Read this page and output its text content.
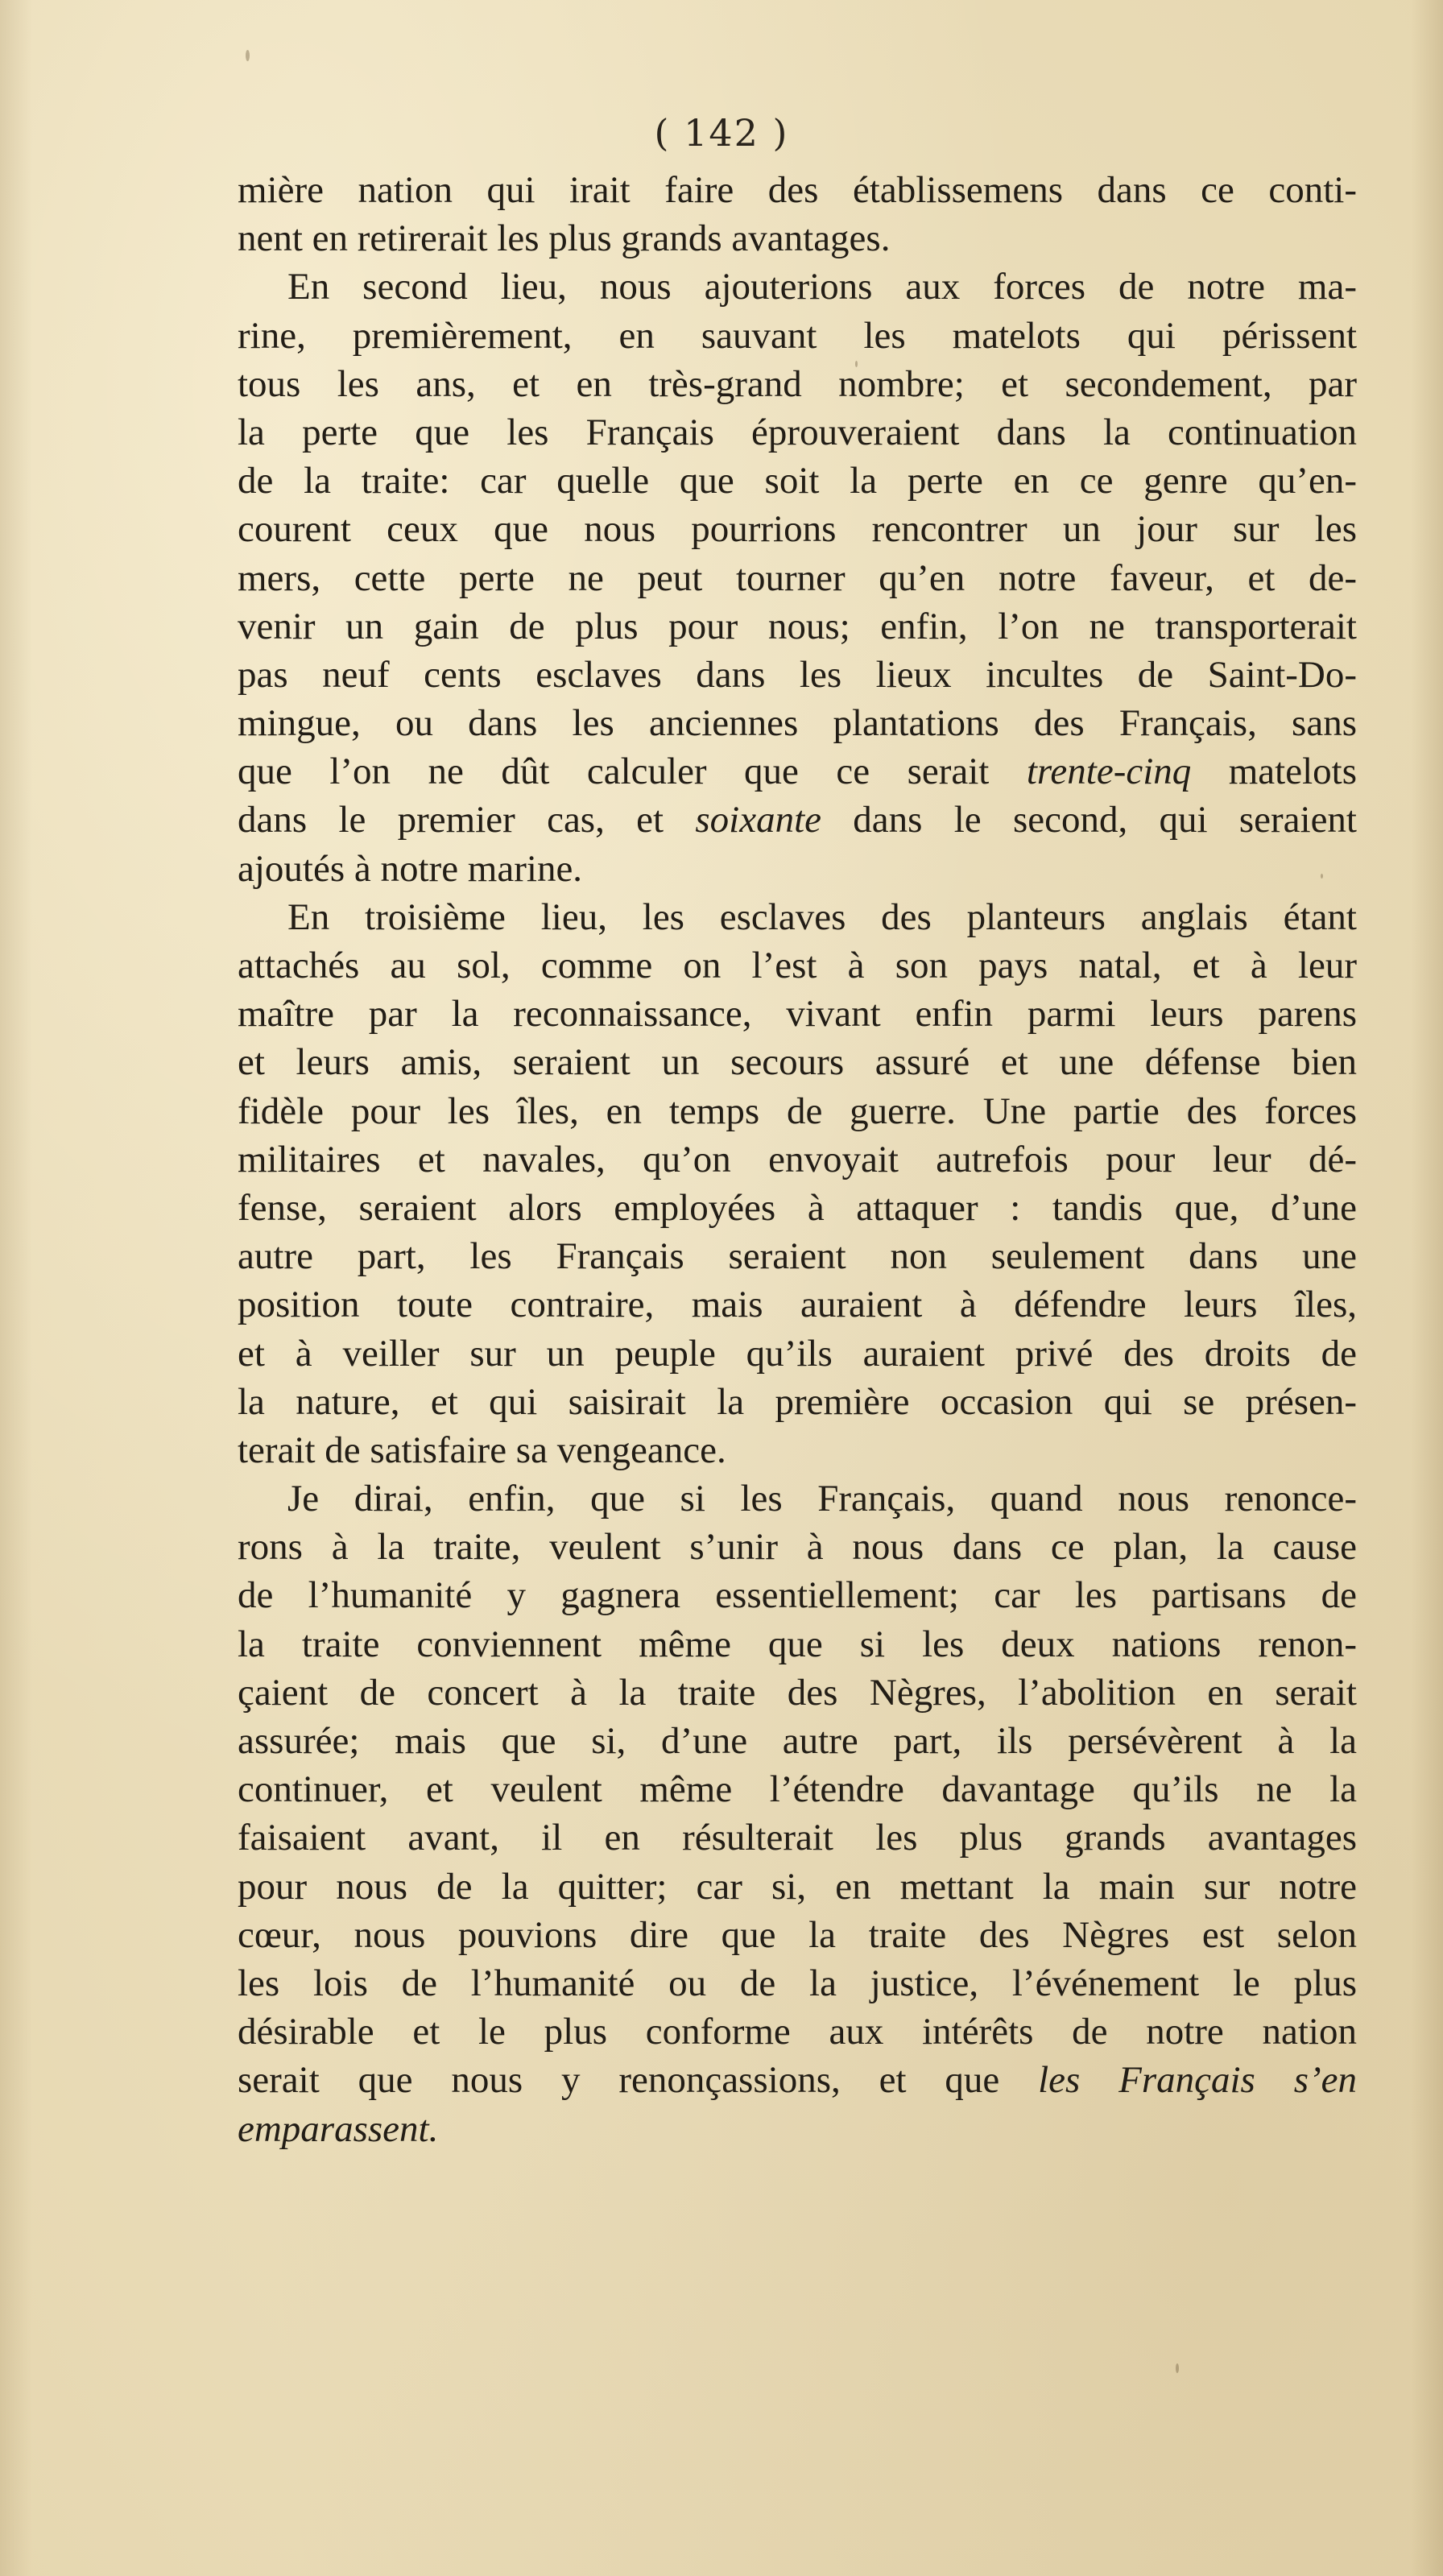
( 142 )
mière nation qui irait faire des établissemens dans ce conti-
nent en retirerait les plus grands avantages.
En second lieu, nous ajouterions aux forces de notre ma-
rine, premièrement, en sauvant les matelots qui périssent
tous les ans, et en très-grand nombre; et secondement, par
la perte que les Français éprouveraient dans la continuation
de la traite: car quelle que soit la perte en ce genre qu’en-
courent ceux que nous pourrions rencontrer un jour sur les
mers, cette perte ne peut tourner qu’en notre faveur, et de-
venir un gain de plus pour nous; enfin, l’on ne transporterait
pas neuf cents esclaves dans les lieux incultes de Saint-Do-
mingue, ou dans les anciennes plantations des Français, sans
que l’on ne dût calculer que ce serait trente-cinq matelots
dans le premier cas, et soixante dans le second, qui seraient
ajoutés à notre marine.
En troisième lieu, les esclaves des planteurs anglais étant
attachés au sol, comme on l’est à son pays natal, et à leur
maître par la reconnaissance, vivant enfin parmi leurs parens
et leurs amis, seraient un secours assuré et une défense bien
fidèle pour les îles, en temps de guerre. Une partie des forces
militaires et navales, qu’on envoyait autrefois pour leur dé-
fense, seraient alors employées à attaquer : tandis que, d’une
autre part, les Français seraient non seulement dans une
position toute contraire, mais auraient à défendre leurs îles,
et à veiller sur un peuple qu’ils auraient privé des droits de
la nature, et qui saisirait la première occasion qui se présen-
terait de satisfaire sa vengeance.
Je dirai, enfin, que si les Français, quand nous renonce-
rons à la traite, veulent s’unir à nous dans ce plan, la cause
de l’humanité y gagnera essentiellement; car les partisans de
la traite conviennent même que si les deux nations renon-
çaient de concert à la traite des Nègres, l’abolition en serait
assurée; mais que si, d’une autre part, ils persévèrent à la
continuer, et veulent même l’étendre davantage qu’ils ne la
faisaient avant, il en résulterait les plus grands avantages
pour nous de la quitter; car si, en mettant la main sur notre
cœur, nous pouvions dire que la traite des Nègres est selon
les lois de l’humanité ou de la justice, l’événement le plus
désirable et le plus conforme aux intérêts de notre nation
serait que nous y renonçassions, et que les Français s’en
emparassent.
